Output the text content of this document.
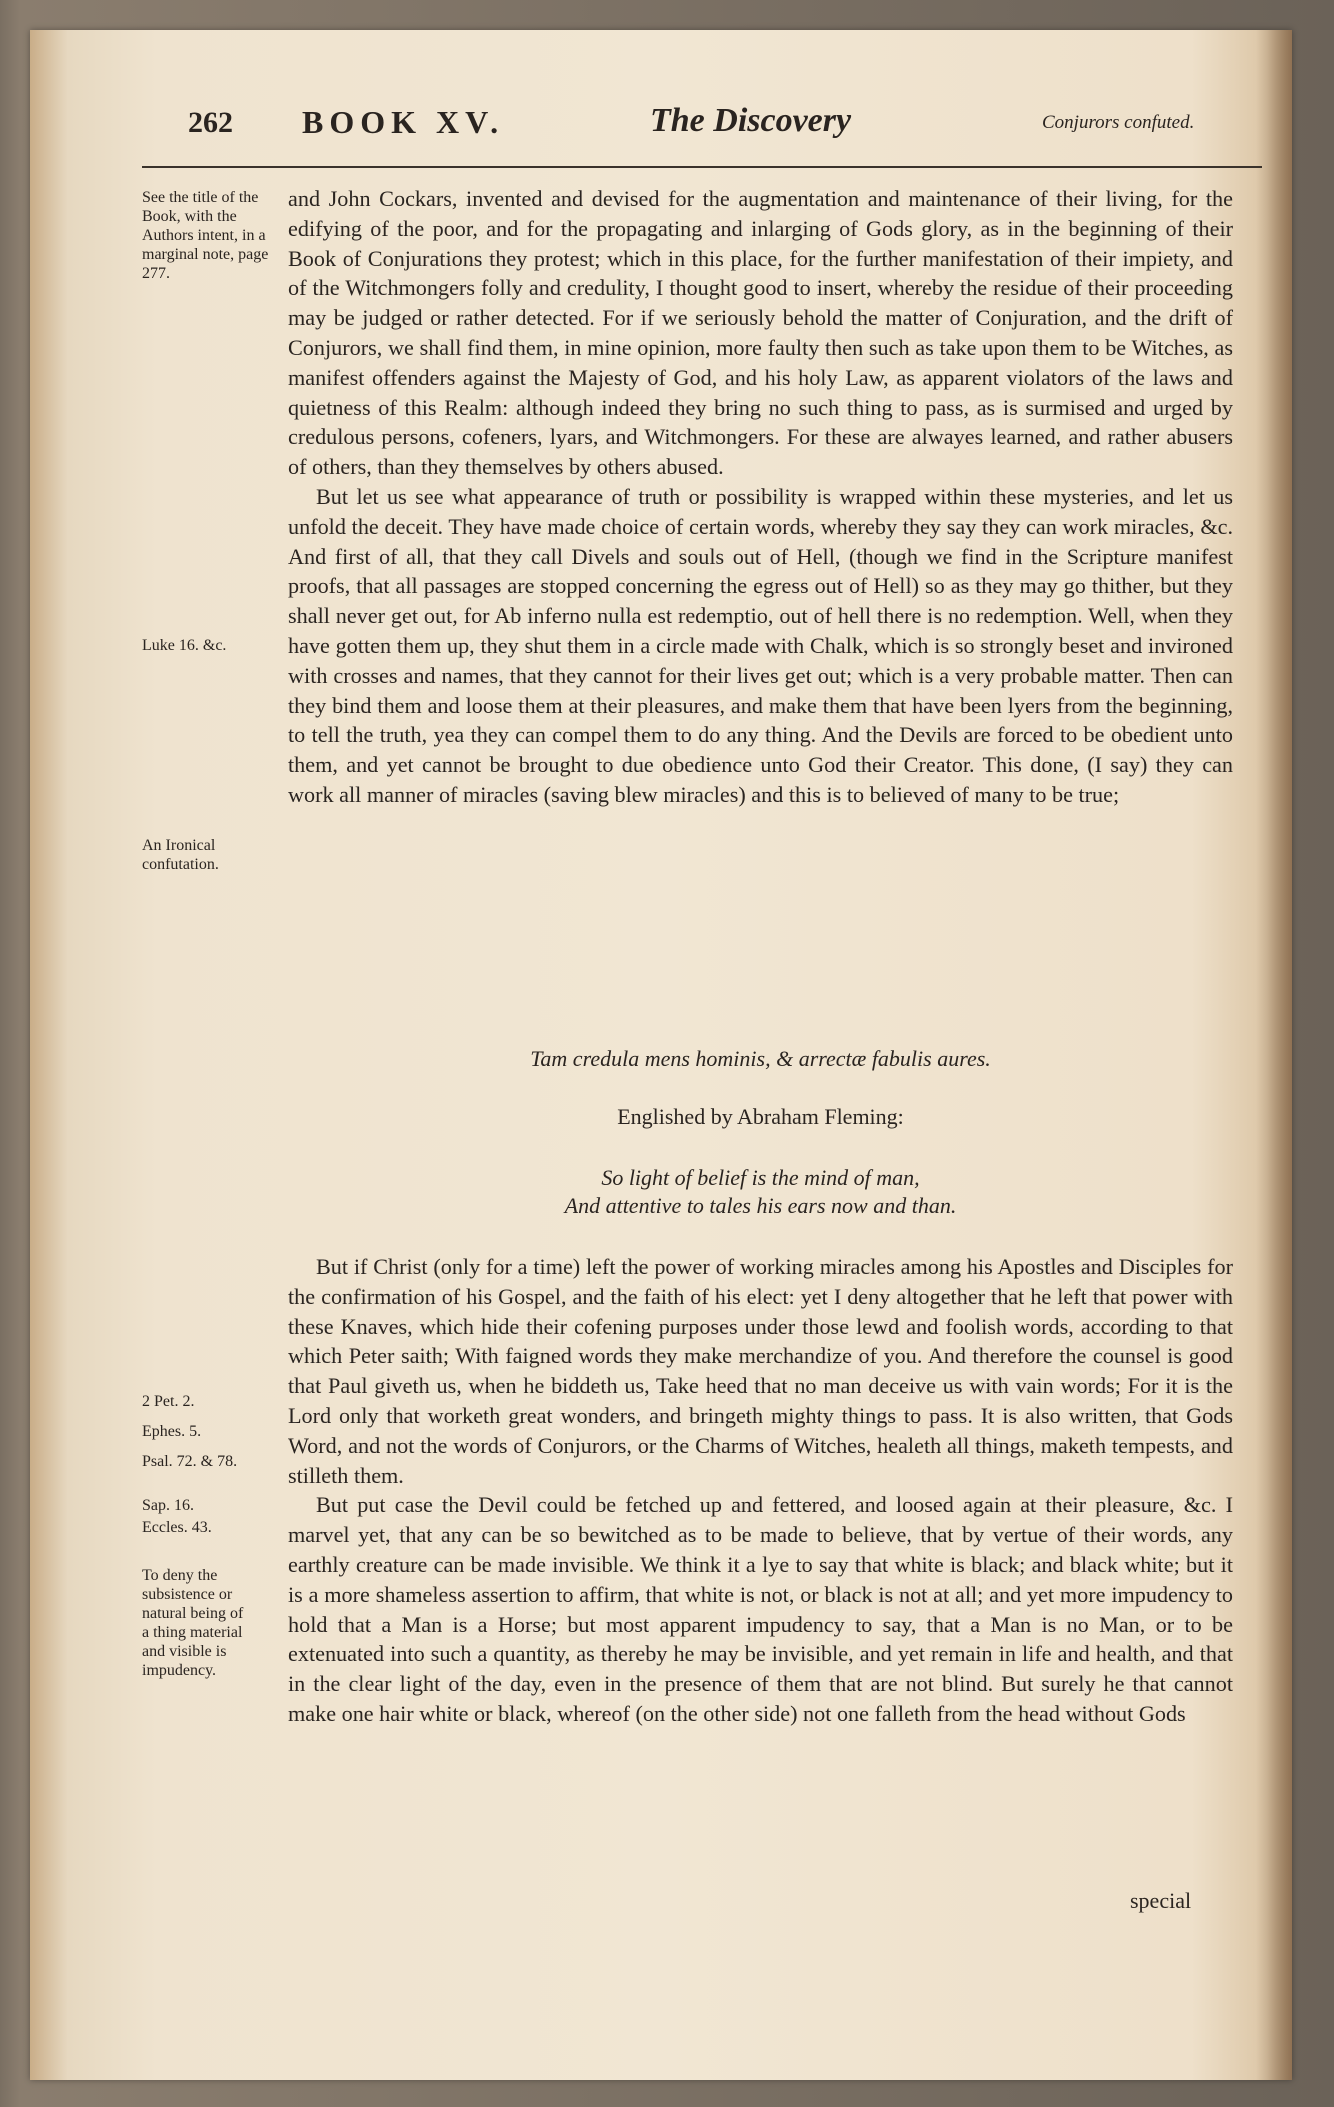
262 BOOK XV.	The Discovery	Conjurors confuted.
See the title of the Book, with the Authors intent, in a marginal note, page 277.
Luke 16. &c.
An Ironical confutation.
2 Pet. 2.
Ephes. 5.
Psal. 72. & 78.
Sap. 16.
Eccles. 43.
To deny the subsistence or natural being of a thing material and visible is impudency.

and John Cockars, invented and devised for the augmentation and maintenance of their living, for the edifying of the poor, and for the propagating and inlarging of Gods glory, as in the beginning of their Book of Conjurations they protest; which in this place, for the further manifestation of their impiety, and of the Witchmongers folly and credulity, I thought good to insert, whereby the residue of their proceeding may be judged or rather detected. For if we seriously behold the matter of Conjuration, and the drift of Conjurors, we shall find them, in mine opinion, more faulty then such as take upon them to be Witches, as manifest offenders against the Majesty of God, and his holy Law, as apparent violators of the laws and quietness of this Realm: although indeed they bring no such thing to pass, as is surmised and urged by credulous persons, cofeners, lyars, and Witchmongers. For these are alwayes learned, and rather abusers of others, than they themselves by others abused.

But let us see what appearance of truth or possibility is wrapped within these mysteries, and let us unfold the deceit. They have made choice of certain words, whereby they say they can work miracles, &c. And first of all, that they call Divels and souls out of Hell, (though we find in the Scripture manifest proofs, that all passages are stopped concerning the egress out of Hell) so as they may go thither, but they shall never get out, for Ab inferno nulla est redemptio, out of hell there is no redemption. Well, when they have gotten them up, they shut them in a circle made with Chalk, which is so strongly beset and invironed with crosses and names, that they cannot for their lives get out; which is a very probable matter. Then can they bind them and loose them at their pleasures, and make them that have been lyers from the beginning, to tell the truth, yea they can compel them to do any thing. And the Devils are forced to be obedient unto them, and yet cannot be brought to due obedience unto God their Creator. This done, (I say) they can work all manner of miracles (saving blew miracles) and this is to believed of many to be true;

Tam credula mens hominis, & arrectæ fabulis aures.
Englished by Abraham Fleming:
So light of belief is the mind of man,
And attentive to tales his ears now and than.

But if Christ (only for a time) left the power of working miracles among his Apostles and Disciples for the confirmation of his Gospel, and the faith of his elect: yet I deny altogether that he left that power with these Knaves, which hide their cofening purposes under those lewd and foolish words, according to that which Peter saith; With faigned words they make merchandize of you. And therefore the counsel is good that Paul giveth us, when he biddeth us, Take heed that no man deceive us with vain words; For it is the Lord only that worketh great wonders, and bringeth mighty things to pass. It is also written, that Gods Word, and not the words of Conjurors, or the Charms of Witches, healeth all things, maketh tempests, and stilleth them.

But put case the Devil could be fetched up and fettered, and loosed again at their pleasure, &c. I marvel yet, that any can be so bewitched as to be made to believe, that by vertue of their words, any earthly creature can be made invisible. We think it a lye to say that white is black; and black white; but it is a more shameless assertion to affirm, that white is not, or black is not at all; and yet more impudency to hold that a Man is a Horse; but most apparent impudency to say, that a Man is no Man, or to be extenuated into such a quantity, as thereby he may be invisible, and yet remain in life and health, and that in the clear light of the day, even in the presence of them that are not blind. But surely he that cannot make one hair white or black, whereof (on the other side) not one falleth from the head without Gods

special
